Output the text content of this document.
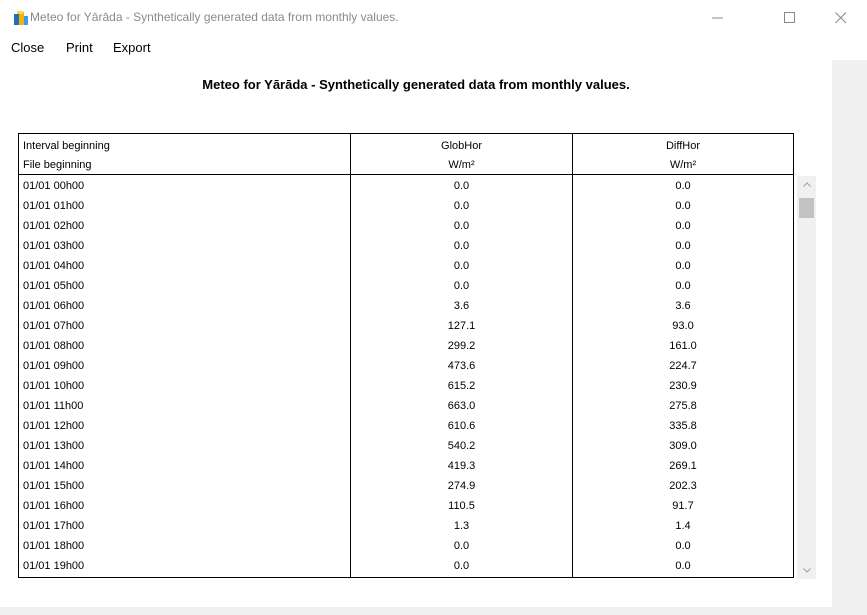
Meteo for Yārāda - Synthetically generated data from monthly values.
Close Print Export
Meteo for Yārāda - Synthetically generated data from monthly values.
Interval beginning	GlobHor	DiffHor
File beginning	W/m²	W/m²
01/01 00h00	0.0	0.0
01/01 01h00	0.0	0.0
01/01 02h00	0.0	0.0
01/01 03h00	0.0	0.0
01/01 04h00	0.0	0.0
01/01 05h00	0.0	0.0
01/01 06h00	3.6	3.6
01/01 07h00	127.1	93.0
01/01 08h00	299.2	161.0
01/01 09h00	473.6	224.7
01/01 10h00	615.2	230.9
01/01 11h00	663.0	275.8
01/01 12h00	610.6	335.8
01/01 13h00	540.2	309.0
01/01 14h00	419.3	269.1
01/01 15h00	274.9	202.3
01/01 16h00	110.5	91.7
01/01 17h00	1.3	1.4
01/01 18h00	0.0	0.0
01/01 19h00	0.0	0.0
